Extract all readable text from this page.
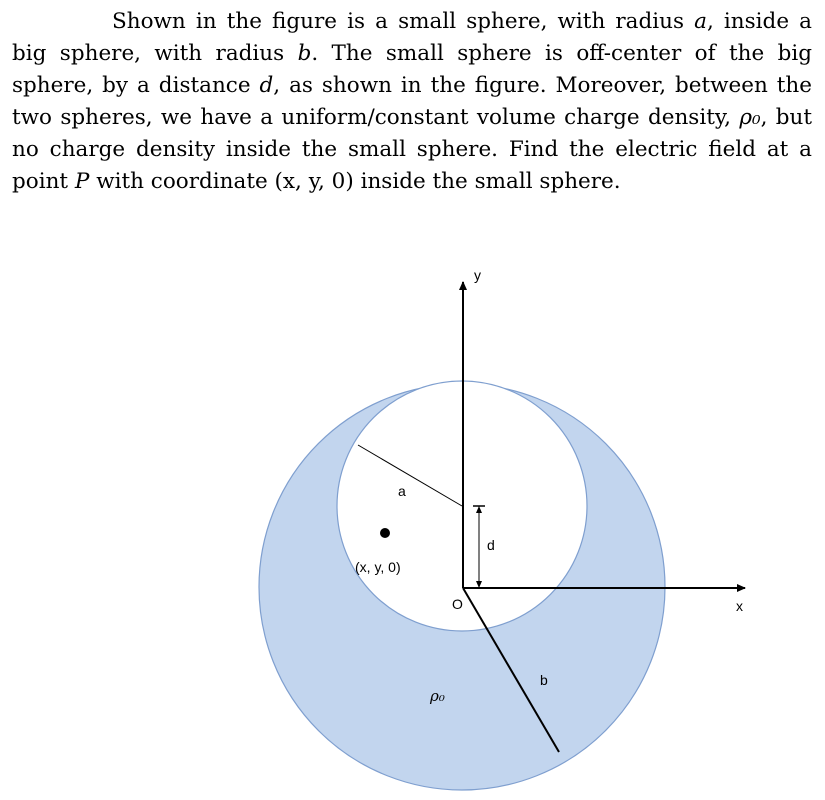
Shown in the figure is a small sphere, with radius a, inside a big sphere, with radius b. The small sphere is off-center of the big sphere, by a distance d, as shown in the figure. Moreover, between the two spheres, we have a uniform/constant volume charge density, ρ₀, but no charge density inside the small sphere. Find the electric field at a point P with coordinate (x, y, 0) inside the small sphere.

y
x
O
a
b
d
(x, y, 0)
ρ₀
